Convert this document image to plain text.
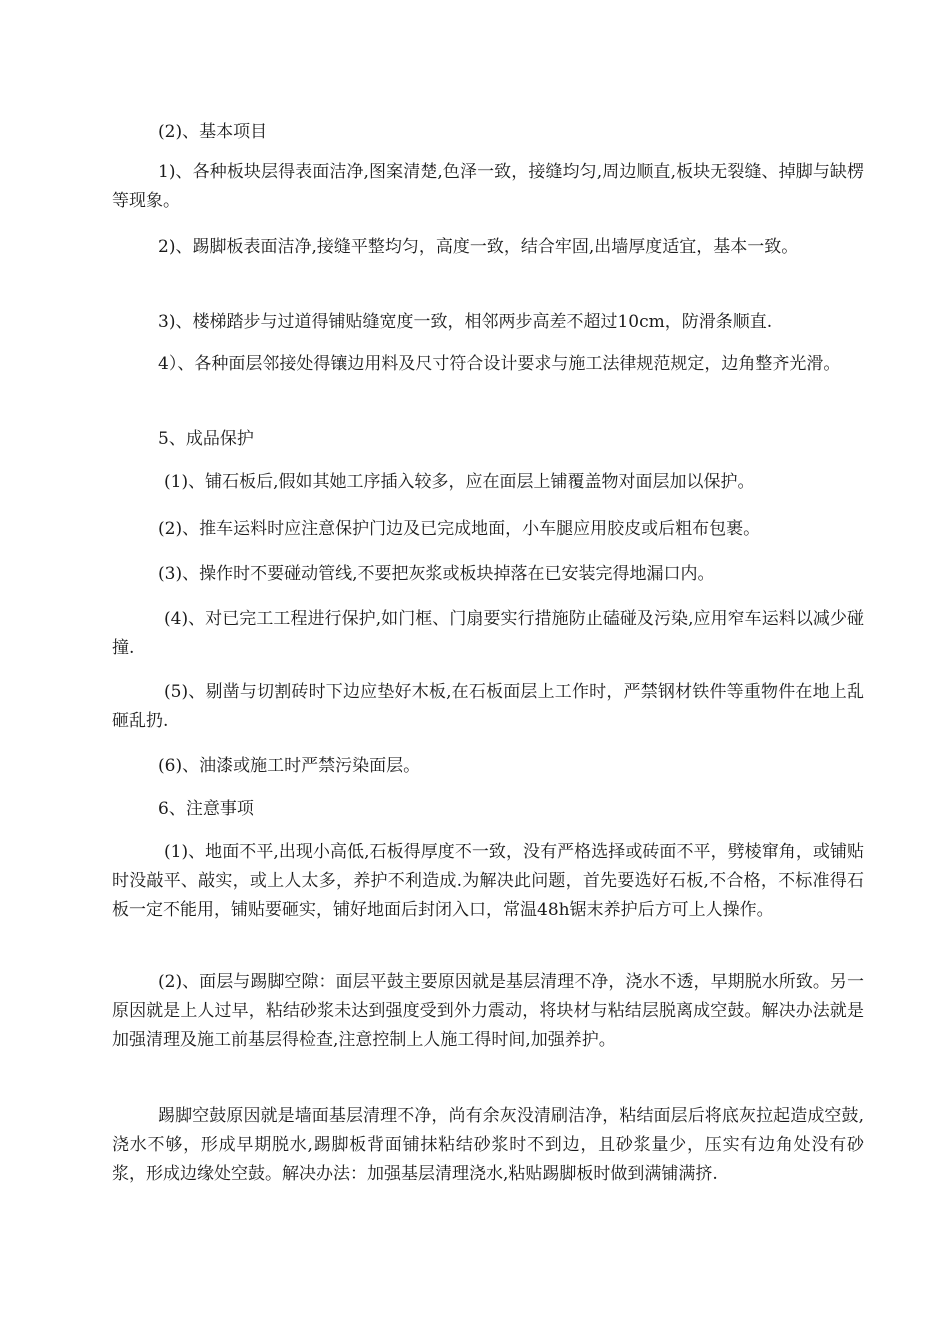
(2)、基本项目

1)、各种板块层得表面洁净,图案清楚,色泽一致，接缝均匀,周边顺直,板块无裂缝、掉脚与缺楞等现象。

2)、踢脚板表面洁净,接缝平整均匀，高度一致，结合牢固,出墙厚度适宜，基本一致。

3)、楼梯踏步与过道得铺贴缝宽度一致，相邻两步高差不超过10cm，防滑条顺直.

4）、各种面层邻接处得镶边用料及尺寸符合设计要求与施工法律规范规定，边角整齐光滑。

5、成品保护

(1)、铺石板后,假如其她工序插入较多，应在面层上铺覆盖物对面层加以保护。

(2)、推车运料时应注意保护门边及已完成地面，小车腿应用胶皮或后粗布包裹。

(3)、操作时不要碰动管线,不要把灰浆或板块掉落在已安装完得地漏口内。

(4)、对已完工工程进行保护,如门框、门扇要实行措施防止磕碰及污染,应用窄车运料以减少碰撞.

(5)、剔凿与切割砖时下边应垫好木板,在石板面层上工作时，严禁钢材铁件等重物件在地上乱砸乱扔.

(6)、油漆或施工时严禁污染面层。

6、注意事项

(1)、地面不平,出现小高低,石板得厚度不一致，没有严格选择或砖面不平，劈棱窜角，或铺贴时没敲平、敲实，或上人太多，养护不利造成.为解决此问题，首先要选好石板,不合格，不标准得石板一定不能用，铺贴要砸实，铺好地面后封闭入口，常温48h锯末养护后方可上人操作。

(2)、面层与踢脚空隙：面层平鼓主要原因就是基层清理不净，浇水不透，早期脱水所致。另一原因就是上人过早，粘结砂浆未达到强度受到外力震动，将块材与粘结层脱离成空鼓。解决办法就是加强清理及施工前基层得检查,注意控制上人施工得时间,加强养护。

踢脚空鼓原因就是墙面基层清理不净，尚有余灰没清刷洁净，粘结面层后将底灰拉起造成空鼓,浇水不够，形成早期脱水,踢脚板背面铺抹粘结砂浆时不到边，且砂浆量少，压实有边角处没有砂浆，形成边缘处空鼓。解决办法：加强基层清理浇水,粘贴踢脚板时做到满铺满挤.
